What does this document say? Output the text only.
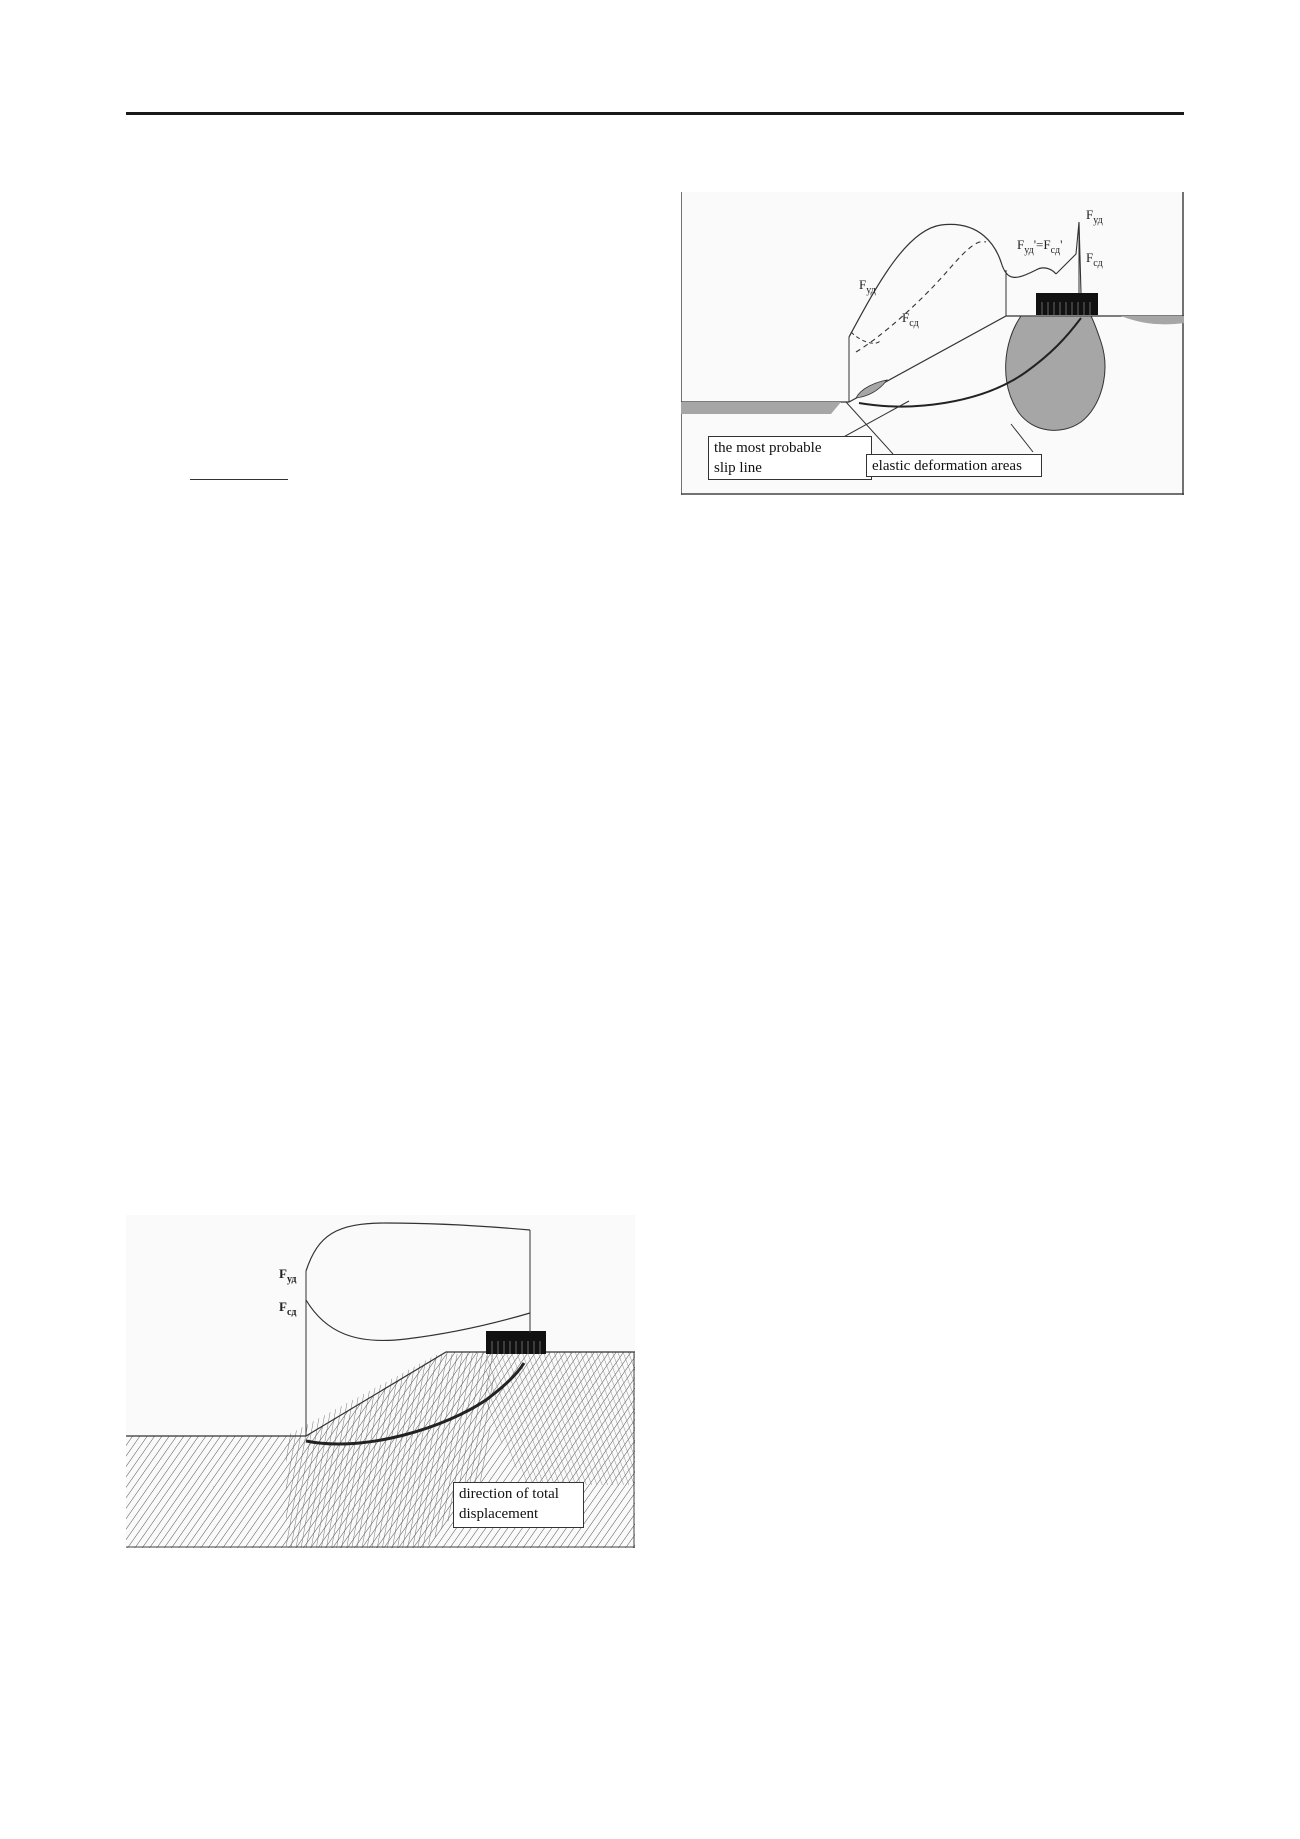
$F_{уд}$
$F_{сд}$
$F_{уд}$
$F_{сд}$
$F_{уд}'=F_{сд}'$
the most probable
slip line	elastic deformation areas
$F_{уд}$
$F_{сд}$
direction of total
displacement
